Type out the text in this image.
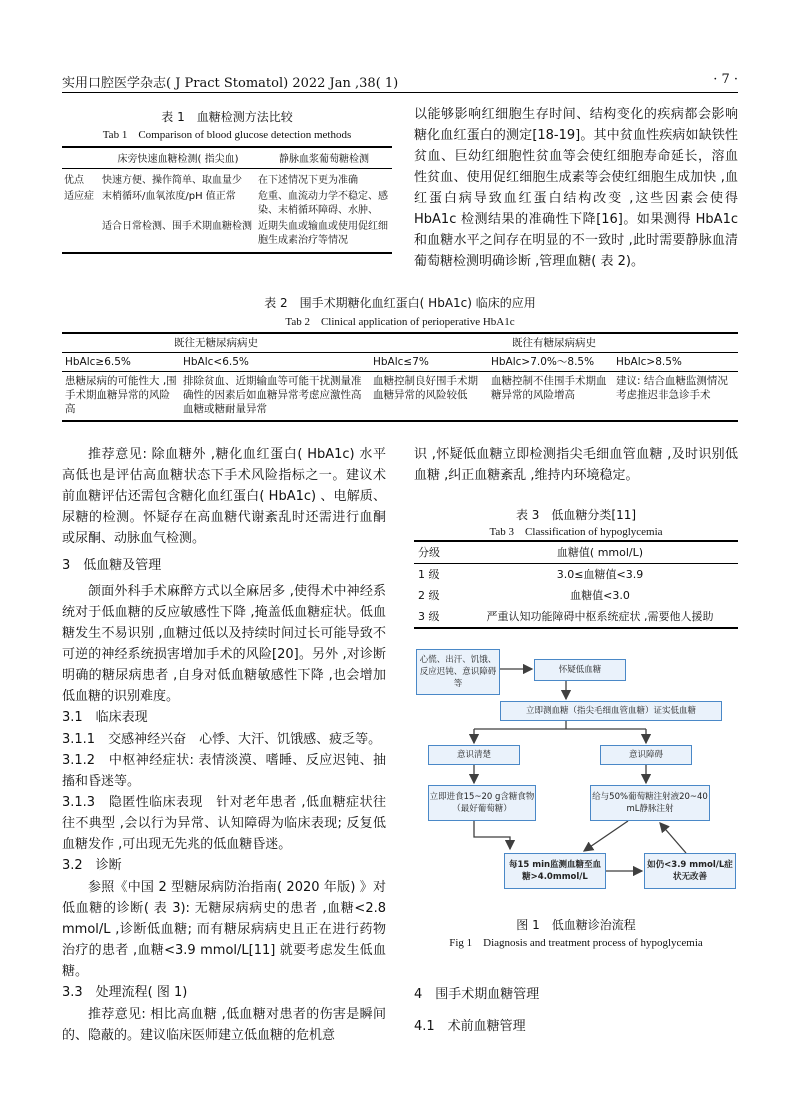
实用口腔医学杂志( J Pract Stomatol) 2022 Jan ,38( 1)	· 7 ·
表 1　血糖检测方法比较
Tab 1　Comparison of blood glucose detection methods
	床旁快速血糖检测( 指尖血)	静脉血浆葡萄糖检测
优点	快速方便、操作简单、取血量少	在下述情况下更为准确
适应症	末梢循环/血氧浓度/pH 值正常	危重、血流动力学不稳定、感染、末梢循环障碍、水肿、
	适合日常检测、围手术期血糖检测	近期失血或输血或使用促红细胞生成素治疗等情况

以能够影响红细胞生存时间、结构变化的疾病都会影响糖化血红蛋白的测定[18-19]。其中贫血性疾病如缺铁性贫血、巨幼红细胞性贫血等会使红细胞寿命延长，溶血性贫血、使用促红细胞生成素等会使红细胞生成加快 ,血红蛋白病导致血红蛋白结构改变 ,这些因素会使得 HbA1c 检测结果的准确性下降[16]。如果测得 HbA1c 和血糖水平之间存在明显的不一致时 ,此时需要静脉血清葡萄糖检测明确诊断 ,管理血糖( 表 2)。

表 2　围手术期糖化血红蛋白( HbA1c) 临床的应用
Tab 2　Clinical application of perioperative HbA1c
既往无糖尿病病史		既往有糖尿病病史		
HbAlc≥6.5%	HbAlc<6.5%	HbAlc≤7%	HbAlc>7.0%～8.5%	HbAlc>8.5%
患糖尿病的可能性大 ,围手术期血糖异常的风险高	排除贫血、近期输血等可能干扰测量准确性的因素后如血糖异常考虑应激性高血糖或糖耐量异常	血糖控制良好围手术期血糖异常的风险较低	血糖控制不佳围手术期血糖异常的风险增高	建议: 结合血糖监测情况考虑推迟非急诊手术

推荐意见: 除血糖外 ,糖化血红蛋白( HbA1c) 水平高低也是评估高血糖状态下手术风险指标之一。建议术前血糖评估还需包含糖化血红蛋白( HbA1c) 、电解质、尿糖的检测。怀疑存在高血糖代谢紊乱时还需进行血酮或尿酮、动脉血气检测。

3　低血糖及管理

颌面外科手术麻醉方式以全麻居多 ,使得术中神经系统对于低血糖的反应敏感性下降 ,掩盖低血糖症状。低血糖发生不易识别 ,血糖过低以及持续时间过长可能导致不可逆的神经系统损害增加手术的风险[20]。另外 ,对诊断明确的糖尿病患者 ,自身对低血糖敏感性下降 ,也会增加低血糖的识别难度。

3.1　临床表现

3.1.1　交感神经兴奋　心悸、大汗、饥饿感、疲乏等。

3.1.2　中枢神经症状: 表情淡漠、嗜睡、反应迟钝、抽搐和昏迷等。

3.1.3　隐匿性临床表现　针对老年患者 ,低血糖症状往往不典型 ,会以行为异常、认知障碍为临床表现; 反复低血糖发作 ,可出现无先兆的低血糖昏迷。

3.2　诊断

参照《中国 2 型糖尿病防治指南( 2020 年版) 》对低血糖的诊断( 表 3): 无糖尿病病史的患者 ,血糖<2.8 mmol/L ,诊断低血糖; 而有糖尿病病史且正在进行药物治疗的患者 ,血糖<3.9 mmol/L[11] 就要考虑发生低血糖。

3.3　处理流程( 图 1)

推荐意见: 相比高血糖 ,低血糖对患者的伤害是瞬间的、隐蔽的。建议临床医师建立低血糖的危机意

识 ,怀疑低血糖立即检测指尖毛细血管血糖 ,及时识别低血糖 ,纠正血糖紊乱 ,维持内环境稳定。

表 3　低血糖分类[11]
Tab 3　Classification of hypoglycemia
分级	血糖值( mmol/L)
1 级	3.0≤血糖值<3.9
2 级	血糖值<3.0
3 级	严重认知功能障碍中枢系统症状 ,需要他人援助
心慌、出汗、饥饿、反应迟钝、意识障碍等
怀疑低血糖
立即测血糖（指尖毛细血管血糖）证实低血糖
意识清楚	意识障碍
立即进食15~20 g含糖食物（最好葡萄糖）
给与50%葡萄糖注射液20~40 mL静脉注射
每15 min监测血糖至血糖>4.0mmol/L
如仍<3.9 mmol/L症状无改善
图 1　低血糖诊治流程
Fig 1　Diagnosis and treatment process of hypoglycemia
4　围手术期血糖管理
4.1　术前血糖管理
